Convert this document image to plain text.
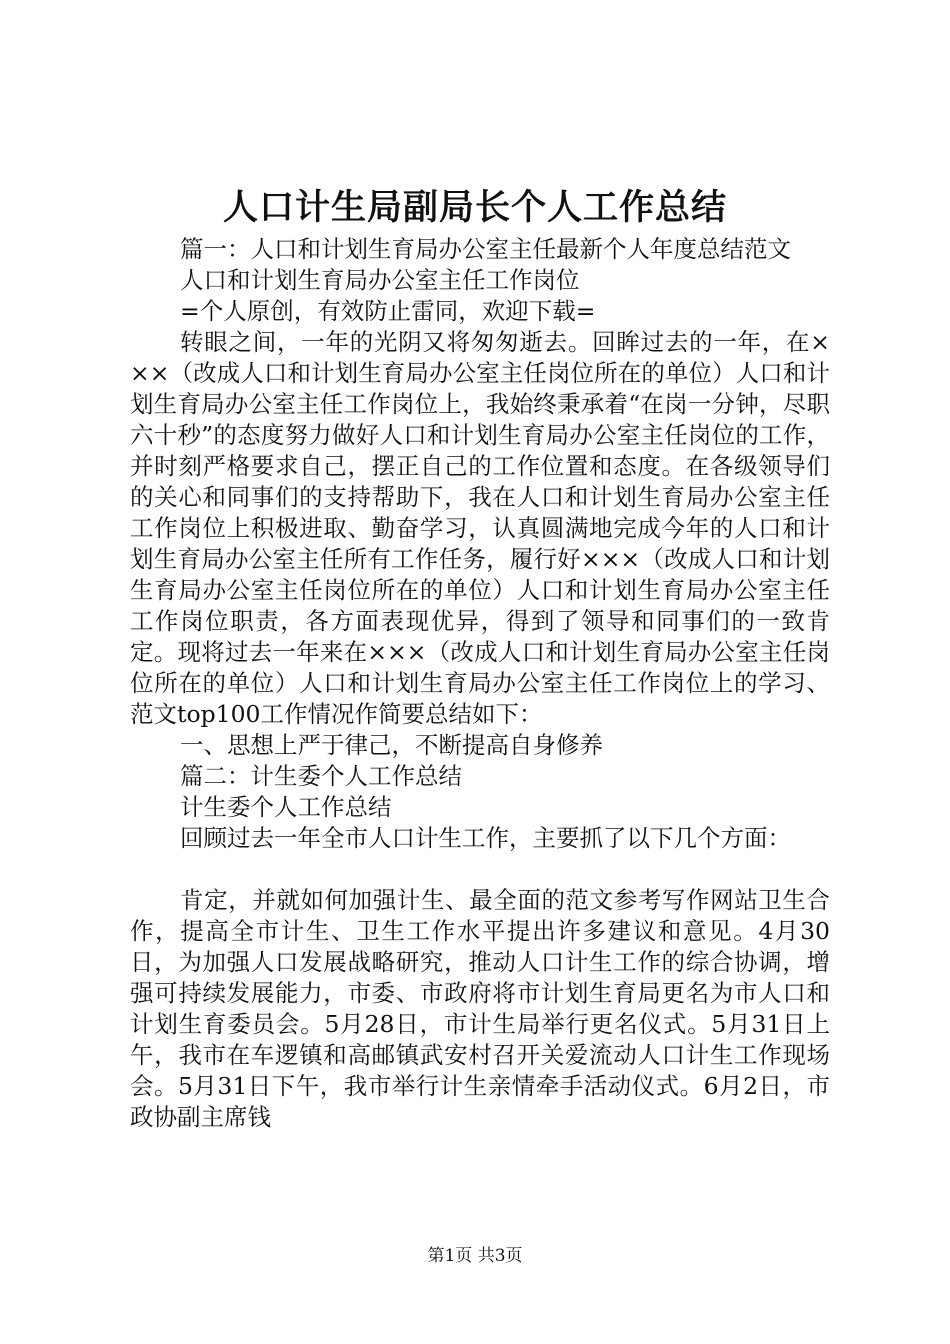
人口计生局副局长个人工作总结

篇一：人口和计划生育局办公室主任最新个人年度总结范文

人口和计划生育局办公室主任工作岗位

=个人原创，有效防止雷同，欢迎下载=

转眼之间，一年的光阴又将匆匆逝去。回眸过去的一年，在×××（改成人口和计划生育局办公室主任岗位所在的单位）人口和计划生育局办公室主任工作岗位上，我始终秉承着“在岗一分钟，尽职六十秒”的态度努力做好人口和计划生育局办公室主任岗位的工作，并时刻严格要求自己，摆正自己的工作位置和态度。在各级领导们的关心和同事们的支持帮助下，我在人口和计划生育局办公室主任工作岗位上积极进取、勤奋学习，认真圆满地完成今年的人口和计划生育局办公室主任所有工作任务，履行好×××（改成人口和计划生育局办公室主任岗位所在的单位）人口和计划生育局办公室主任工作岗位职责，各方面表现优异，得到了领导和同事们的一致肯定。现将过去一年来在×××（改成人口和计划生育局办公室主任岗位所在的单位）人口和计划生育局办公室主任工作岗位上的学习、范文top100工作情况作简要总结如下：

一、思想上严于律己，不断提高自身修养

篇二：计生委个人工作总结

计生委个人工作总结

回顾过去一年全市人口计生工作，主要抓了以下几个方面：

肯定，并就如何加强计生、最全面的范文参考写作网站卫生合作，提高全市计生、卫生工作水平提出许多建议和意见。4月30日，为加强人口发展战略研究，推动人口计生工作的综合协调，增强可持续发展能力，市委、市政府将市计划生育局更名为市人口和计划生育委员会。5月28日，市计生局举行更名仪式。5月31日上午，我市在车逻镇和高邮镇武安村召开关爱流动人口计生工作现场会。5月31日下午，我市举行计生亲情牵手活动仪式。6月2日，市政协副主席钱

第1页 共3页
